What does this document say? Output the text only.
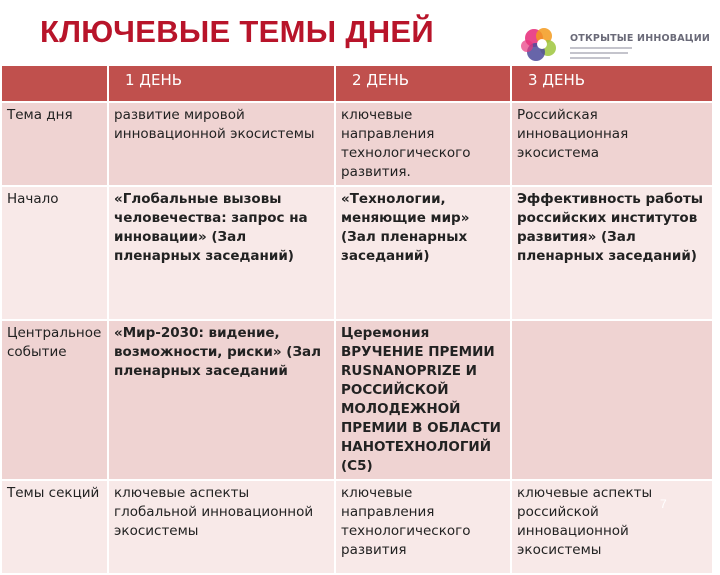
КЛЮЧЕВЫЕ ТЕМЫ ДНЕЙ	ОТКРЫТЫЕ ИННОВАЦИИ
	1 ДЕНЬ	2 ДЕНЬ	3 ДЕНЬ
Тема дня	развитие мировой инновационной экосистемы	ключевые направления технологического развития.	Российская инновационная экосистема
Начало	«Глобальные вызовы человечества: запрос на инновации» (Зал пленарных заседаний)	«Технологии, меняющие мир» (Зал пленарных заседаний)	Эффективность работы российских институтов развития» (Зал пленарных заседаний)
Центральное событие	«Мир-2030: видение, возможности, риски» (Зал пленарных заседаний	Церемония ВРУЧЕНИЕ ПРЕМИИ RUSNANOPRIZE И РОССИЙСКОЙ МОЛОДЕЖНОЙ ПРЕМИИ В ОБЛАСТИ НАНОТЕХНОЛОГИЙ (С5)	
Темы секций	ключевые аспекты глобальной инновационной экосистемы	ключевые направления технологического развития	ключевые аспекты российской инновационной экосистемы
7
